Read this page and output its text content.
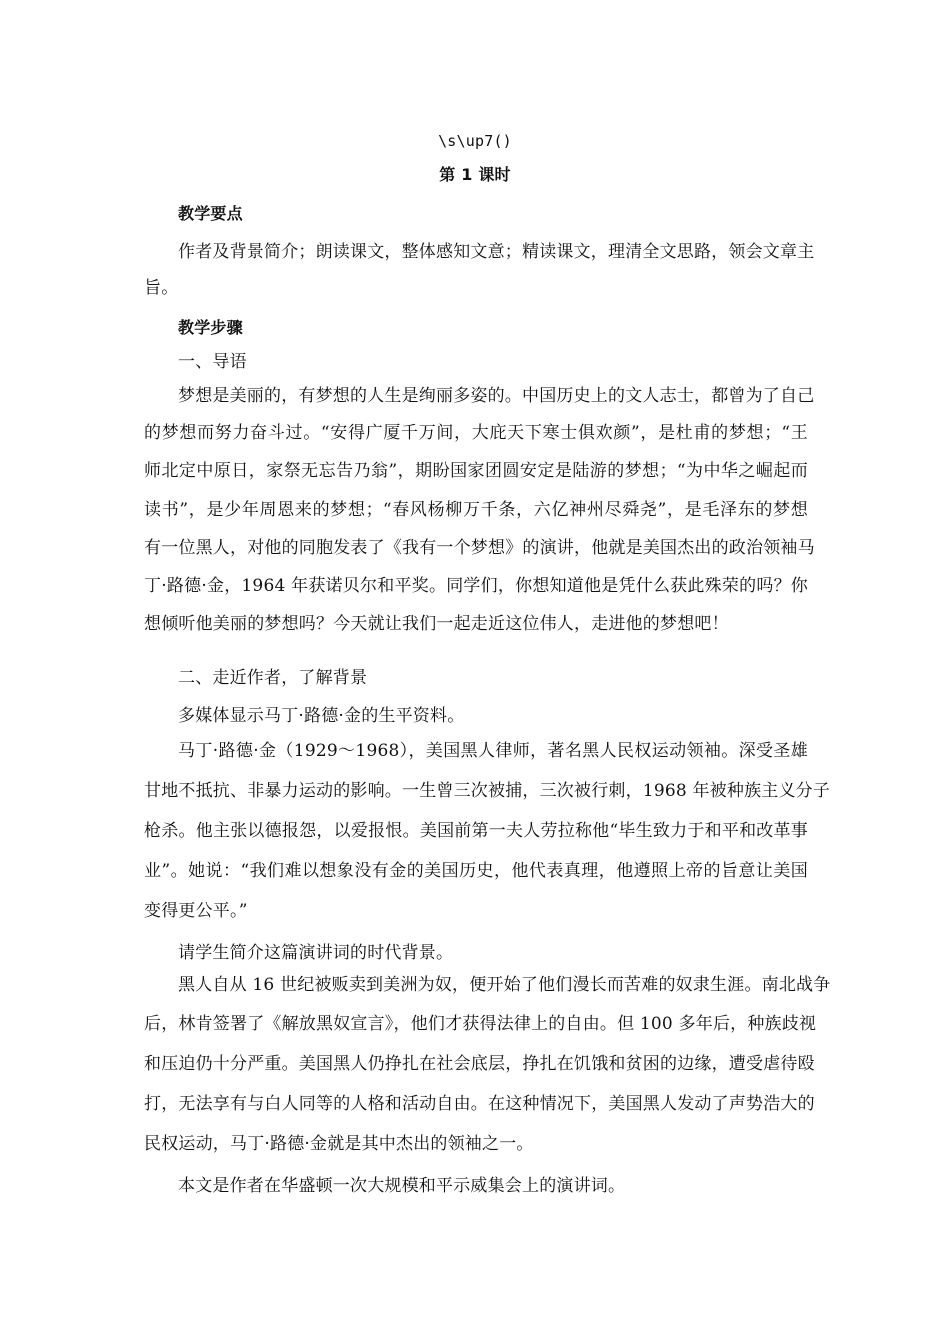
\s\up7()
第 1 课时
教学要点
作者及背景简介；朗读课文，整体感知文意；精读课文，理清全文思路，领会文章主
旨。
教学步骤
一、导语
梦想是美丽的，有梦想的人生是绚丽多姿的。中国历史上的文人志士，都曾为了自己
的梦想而努力奋斗过。“安得广厦千万间，大庇天下寒士俱欢颜”，是杜甫的梦想；“王
师北定中原日，家祭无忘告乃翁”，期盼国家团圆安定是陆游的梦想；“为中华之崛起而
读书”，是少年周恩来的梦想；“春风杨柳万千条，六亿神州尽舜尧”，是毛泽东的梦想
有一位黑人，对他的同胞发表了《我有一个梦想》的演讲，他就是美国杰出的政治领袖马
丁·路德·金，1964 年获诺贝尔和平奖。同学们，你想知道他是凭什么获此殊荣的吗？你
想倾听他美丽的梦想吗？今天就让我们一起走近这位伟人，走进他的梦想吧！
二、走近作者，了解背景
多媒体显示马丁·路德·金的生平资料。
马丁·路德·金（1929～1968），美国黑人律师，著名黑人民权运动领袖。深受圣雄
甘地不抵抗、非暴力运动的影响。一生曾三次被捕，三次被行刺，1968 年被种族主义分子
枪杀。他主张以德报怨，以爱报恨。美国前第一夫人劳拉称他“毕生致力于和平和改革事
业”。她说：“我们难以想象没有金的美国历史，他代表真理，他遵照上帝的旨意让美国
变得更公平。”
请学生简介这篇演讲词的时代背景。
黑人自从 16 世纪被贩卖到美洲为奴，便开始了他们漫长而苦难的奴隶生涯。南北战争
后，林肯签署了《解放黑奴宣言》，他们才获得法律上的自由。但 100 多年后，种族歧视
和压迫仍十分严重。美国黑人仍挣扎在社会底层，挣扎在饥饿和贫困的边缘，遭受虐待殴
打，无法享有与白人同等的人格和活动自由。在这种情况下，美国黑人发动了声势浩大的
民权运动，马丁·路德·金就是其中杰出的领袖之一。
本文是作者在华盛顿一次大规模和平示威集会上的演讲词。
